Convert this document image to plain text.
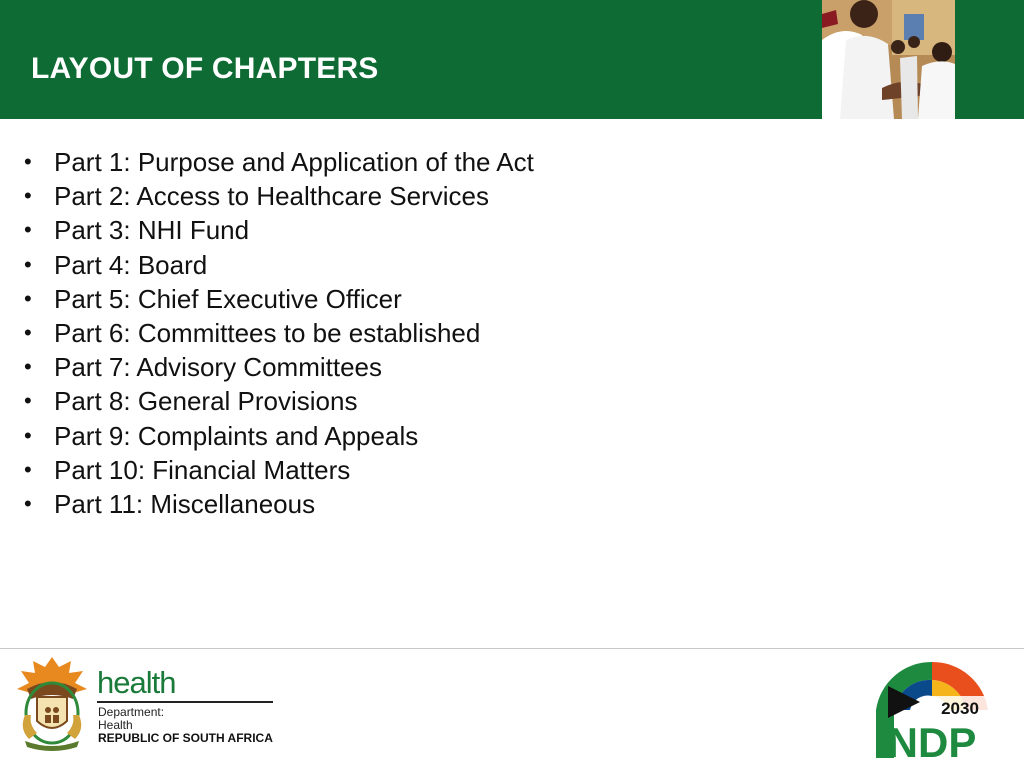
LAYOUT OF CHAPTERS
• Part 1: Purpose and Application of the Act
• Part 2: Access to Healthcare Services
• Part 3: NHI Fund
• Part 4: Board
• Part 5: Chief Executive Officer
• Part 6: Committees to be established
• Part 7: Advisory Committees
• Part 8: General Provisions
• Part 9: Complaints and Appeals
• Part 10: Financial Matters
• Part 11: Miscellaneous
health
Department:
Health
REPUBLIC OF SOUTH AFRICA
2030
NDP
